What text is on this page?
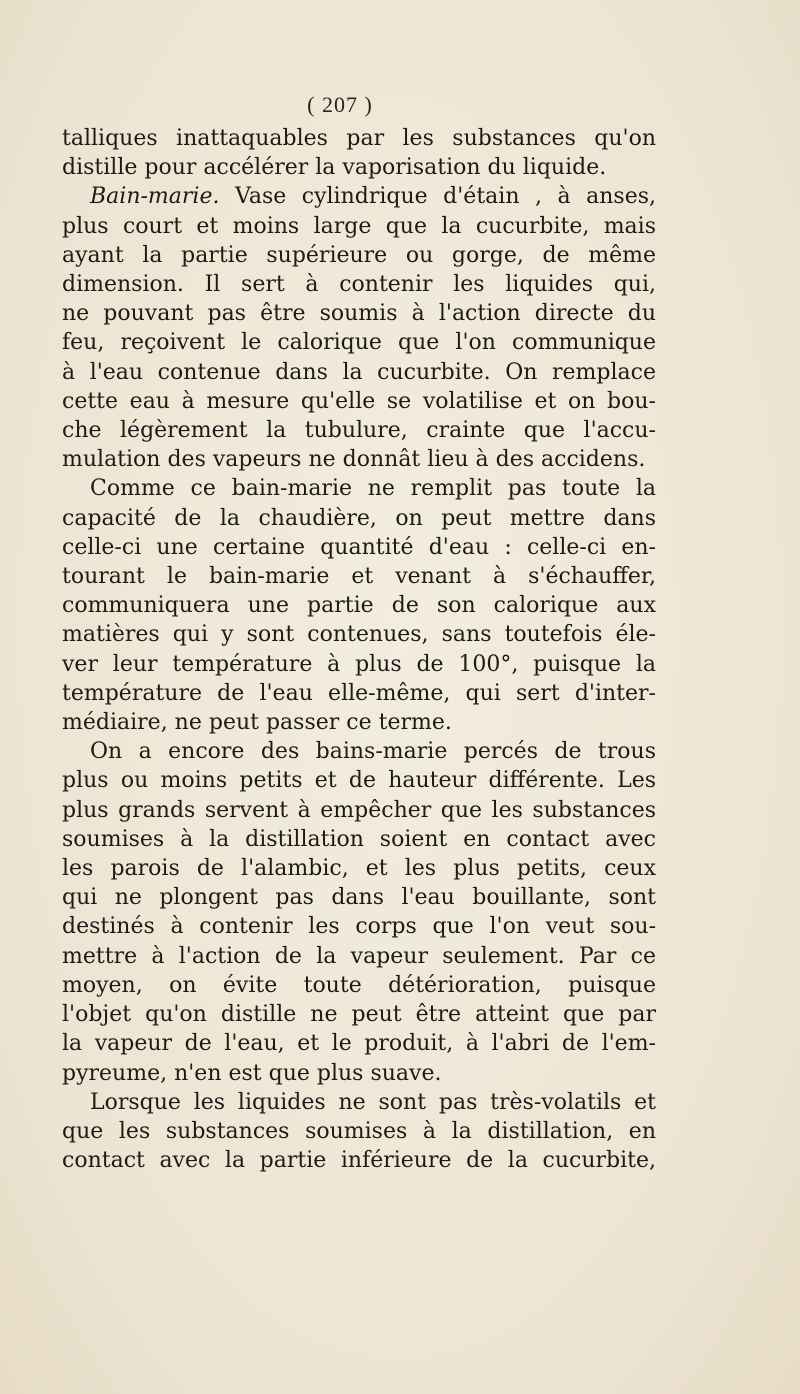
( 207 )
talliques inattaquables par les substances qu'on
distille pour accélérer la vaporisation du liquide.
Bain-marie. Vase cylindrique d'étain , à anses,
plus court et moins large que la cucurbite, mais
ayant la partie supérieure ou gorge, de même
dimension. Il sert à contenir les liquides qui,
ne pouvant pas être soumis à l'action directe du
feu, reçoivent le calorique que l'on communique
à l'eau contenue dans la cucurbite. On remplace
cette eau à mesure qu'elle se volatilise et on bou-
che légèrement la tubulure, crainte que l'accu-
mulation des vapeurs ne donnât lieu à des accidens.
Comme ce bain-marie ne remplit pas toute la
capacité de la chaudière, on peut mettre dans
celle-ci une certaine quantité d'eau : celle-ci en-
tourant le bain-marie et venant à s'échauffer,
communiquera une partie de son calorique aux
matières qui y sont contenues, sans toutefois éle-
ver leur température à plus de 100°, puisque la
température de l'eau elle-même, qui sert d'inter-
médiaire, ne peut passer ce terme.
On a encore des bains-marie percés de trous
plus ou moins petits et de hauteur différente. Les
plus grands servent à empêcher que les substances
soumises à la distillation soient en contact avec
les parois de l'alambic, et les plus petits, ceux
qui ne plongent pas dans l'eau bouillante, sont
destinés à contenir les corps que l'on veut sou-
mettre à l'action de la vapeur seulement. Par ce
moyen, on évite toute détérioration, puisque
l'objet qu'on distille ne peut être atteint que par
la vapeur de l'eau, et le produit, à l'abri de l'em-
pyreume, n'en est que plus suave.
Lorsque les liquides ne sont pas très-volatils et
que les substances soumises à la distillation, en
contact avec la partie inférieure de la cucurbite,
